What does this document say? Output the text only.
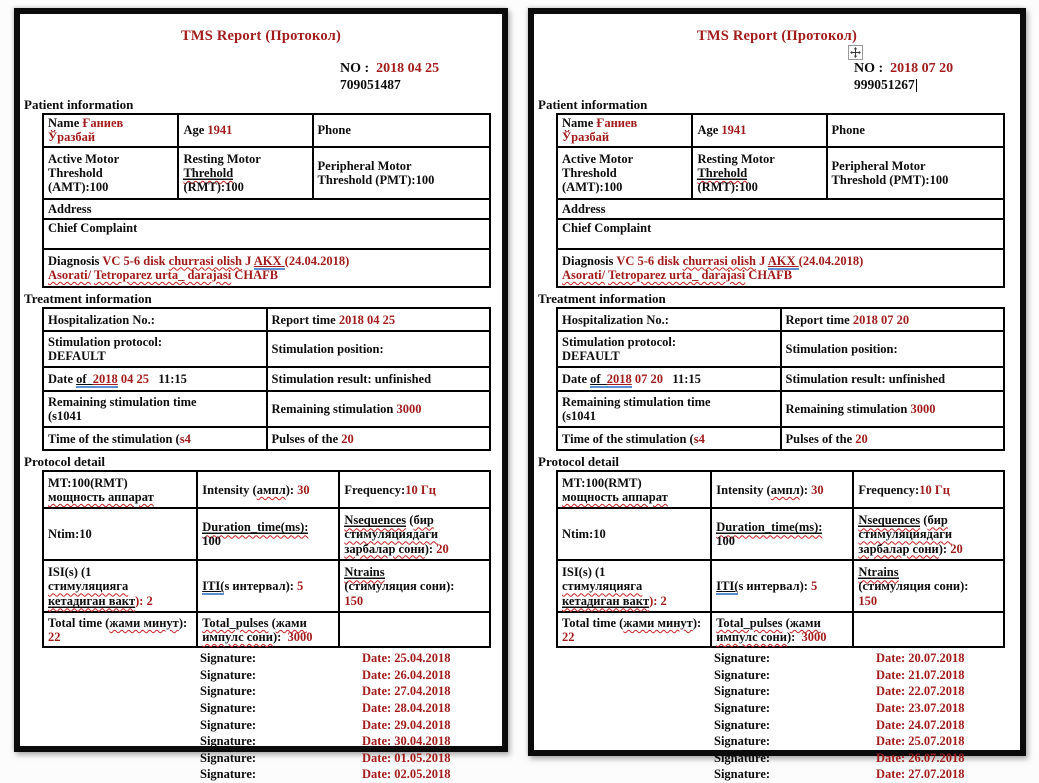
TMS Report (Протокол)
NO :  2018 04 25
709051487
Patient information
Name Ғаниев Ўразбай	Age 1941	Phone
Active Motor
Threshold
(AMT):100	Resting Motor
Threhold
(RMT):100	Peripheral Motor
Threshold (PMT):100
Address		
Chief Complaint		
Diagnosis VC 5-6 disk churrasi olish J AKX (24.04.2018)
Asorati/ Tetroparez urta_ darajasi CHAFB		
Treatment information
Hospitalization No.:	Report time 2018 04 25
Stimulation protocol:
DEFAULT	Stimulation position:
Date of  2018 04 25   11:15	Stimulation result: unfinished
Remaining stimulation time
(s1041	Remaining stimulation 3000
Time of the stimulation (s4	Pulses of the 20
Protocol detail
MT:100(RMT)
мощность аппарат	Intensity (ампл): 30	Frequency:10 Гц
Ntim:10	Duration_time(ms):
100	Nsequences (бир стимуляциядаги зарбалар сони): 20
ISI(s) (1
стимуляцияга
кетадиган вакт): 2	ITI(s интервал): 5	Ntrains
(стимуляция сони):
150
Total time (жами минут): 22	Total_pulses (жами импулс сони):  3000	
Signature:	Date: 25.04.2018
Signature:	Date: 26.04.2018
Signature:	Date: 27.04.2018
Signature:	Date: 28.04.2018
Signature:	Date: 29.04.2018
Signature:	Date: 30.04.2018
Signature:	Date: 01.05.2018
Signature:	Date: 02.05.2018
TMS Report (Протокол)
NO :  2018 07 20
999051267
Patient information
Name Ғаниев Ўразбай	Age 1941	Phone
Active Motor
Threshold
(AMT):100	Resting Motor
Threhold
(RMT):100	Peripheral Motor
Threshold (PMT):100
Address		
Chief Complaint		
Diagnosis VC 5-6 disk churrasi olish J AKX (24.04.2018)
Asorati/ Tetroparez urta_ darajasi CHAFB		
Treatment information
Hospitalization No.:	Report time 2018 07 20
Stimulation protocol:
DEFAULT	Stimulation position:
Date of  2018 07 20   11:15	Stimulation result: unfinished
Remaining stimulation time
(s1041	Remaining stimulation 3000
Time of the stimulation (s4	Pulses of the 20
Protocol detail
MT:100(RMT)
мощность аппарат	Intensity (ампл): 30	Frequency:10 Гц
Ntim:10	Duration_time(ms):
100	Nsequences (бир стимуляциядаги зарбалар сони): 20
ISI(s) (1
стимуляцияга
кетадиган вакт): 2	ITI(s интервал): 5	Ntrains
(стимуляция сони):
150
Total time (жами минут): 22	Total_pulses (жами импулс сони):  3000	
Signature:	Date: 20.07.2018
Signature:	Date: 21.07.2018
Signature:	Date: 22.07.2018
Signature:	Date: 23.07.2018
Signature:	Date: 24.07.2018
Signature:	Date: 25.07.2018
Signature:	Date: 26.07.2018
Signature:	Date: 27.07.2018
